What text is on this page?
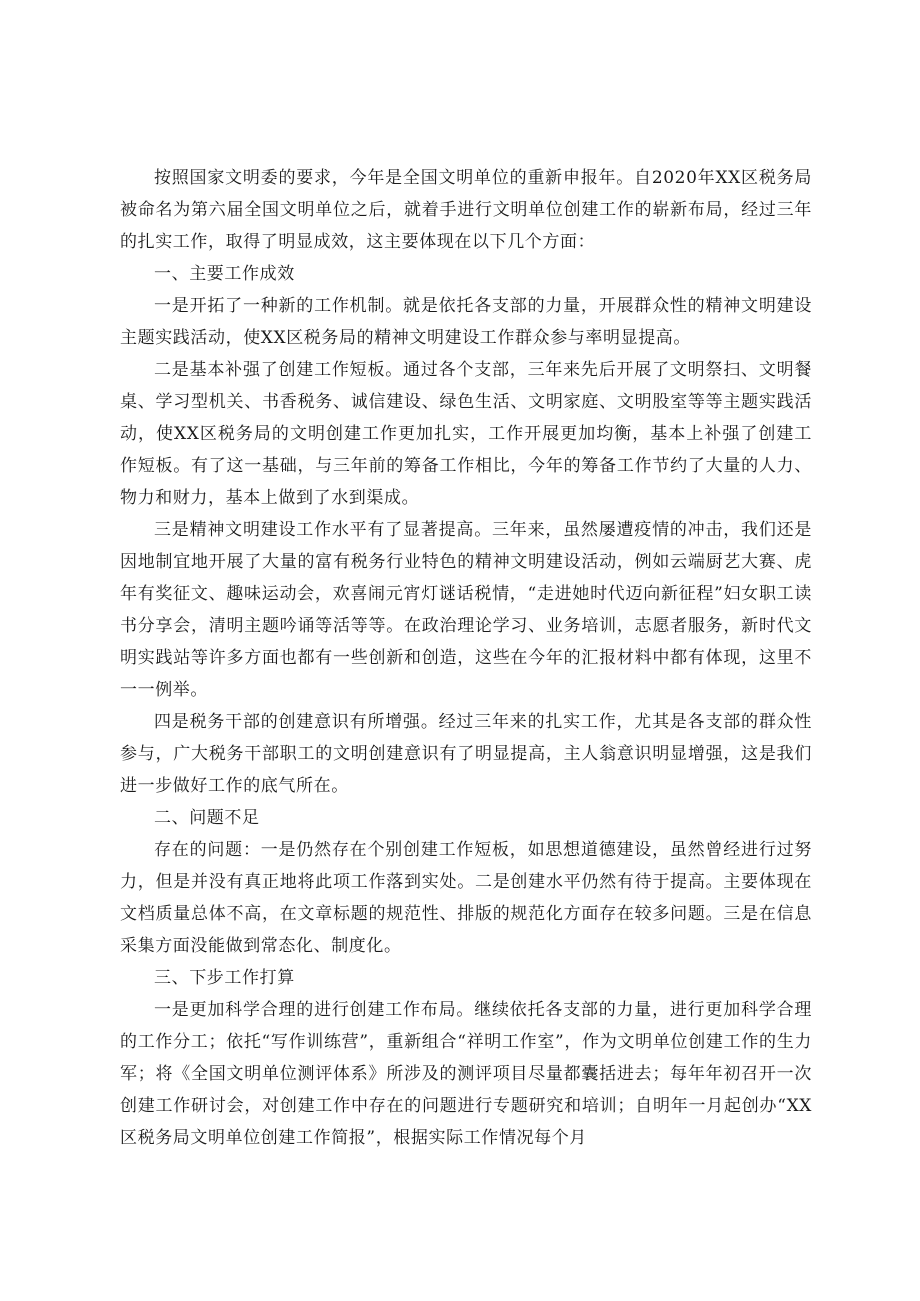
按照国家文明委的要求，今年是全国文明单位的重新申报年。自2020年XX区税务局被命名为第六届全国文明单位之后，就着手进行文明单位创建工作的崭新布局，经过三年的扎实工作，取得了明显成效，这主要体现在以下几个方面：

一、主要工作成效

一是开拓了一种新的工作机制。就是依托各支部的力量，开展群众性的精神文明建设主题实践活动，使XX区税务局的精神文明建设工作群众参与率明显提高。

二是基本补强了创建工作短板。通过各个支部，三年来先后开展了文明祭扫、文明餐桌、学习型机关、书香税务、诚信建设、绿色生活、文明家庭、文明股室等等主题实践活动，使XX区税务局的文明创建工作更加扎实，工作开展更加均衡，基本上补强了创建工作短板。有了这一基础，与三年前的筹备工作相比，今年的筹备工作节约了大量的人力、物力和财力，基本上做到了水到渠成。

三是精神文明建设工作水平有了显著提高。三年来，虽然屡遭疫情的冲击，我们还是因地制宜地开展了大量的富有税务行业特色的精神文明建设活动，例如云端厨艺大赛、虎年有奖征文、趣味运动会，欢喜闹元宵灯谜话税情，“走进她时代迈向新征程”妇女职工读书分享会，清明主题吟诵等活等等。在政治理论学习、业务培训，志愿者服务，新时代文明实践站等许多方面也都有一些创新和创造，这些在今年的汇报材料中都有体现，这里不一一例举。

四是税务干部的创建意识有所增强。经过三年来的扎实工作，尤其是各支部的群众性参与，广大税务干部职工的文明创建意识有了明显提高，主人翁意识明显增强，这是我们进一步做好工作的底气所在。

二、问题不足

存在的问题：一是仍然存在个别创建工作短板，如思想道德建设，虽然曾经进行过努力，但是并没有真正地将此项工作落到实处。二是创建水平仍然有待于提高。主要体现在文档质量总体不高，在文章标题的规范性、排版的规范化方面存在较多问题。三是在信息采集方面没能做到常态化、制度化。

三、下步工作打算

一是更加科学合理的进行创建工作布局。继续依托各支部的力量，进行更加科学合理的工作分工；依托“写作训练营”，重新组合“祥明工作室”，作为文明单位创建工作的生力军；将《全国文明单位测评体系》所涉及的测评项目尽量都囊括进去；每年年初召开一次创建工作研讨会，对创建工作中存在的问题进行专题研究和培训；自明年一月起创办“XX区税务局文明单位创建工作简报”，根据实际工作情况每个月
